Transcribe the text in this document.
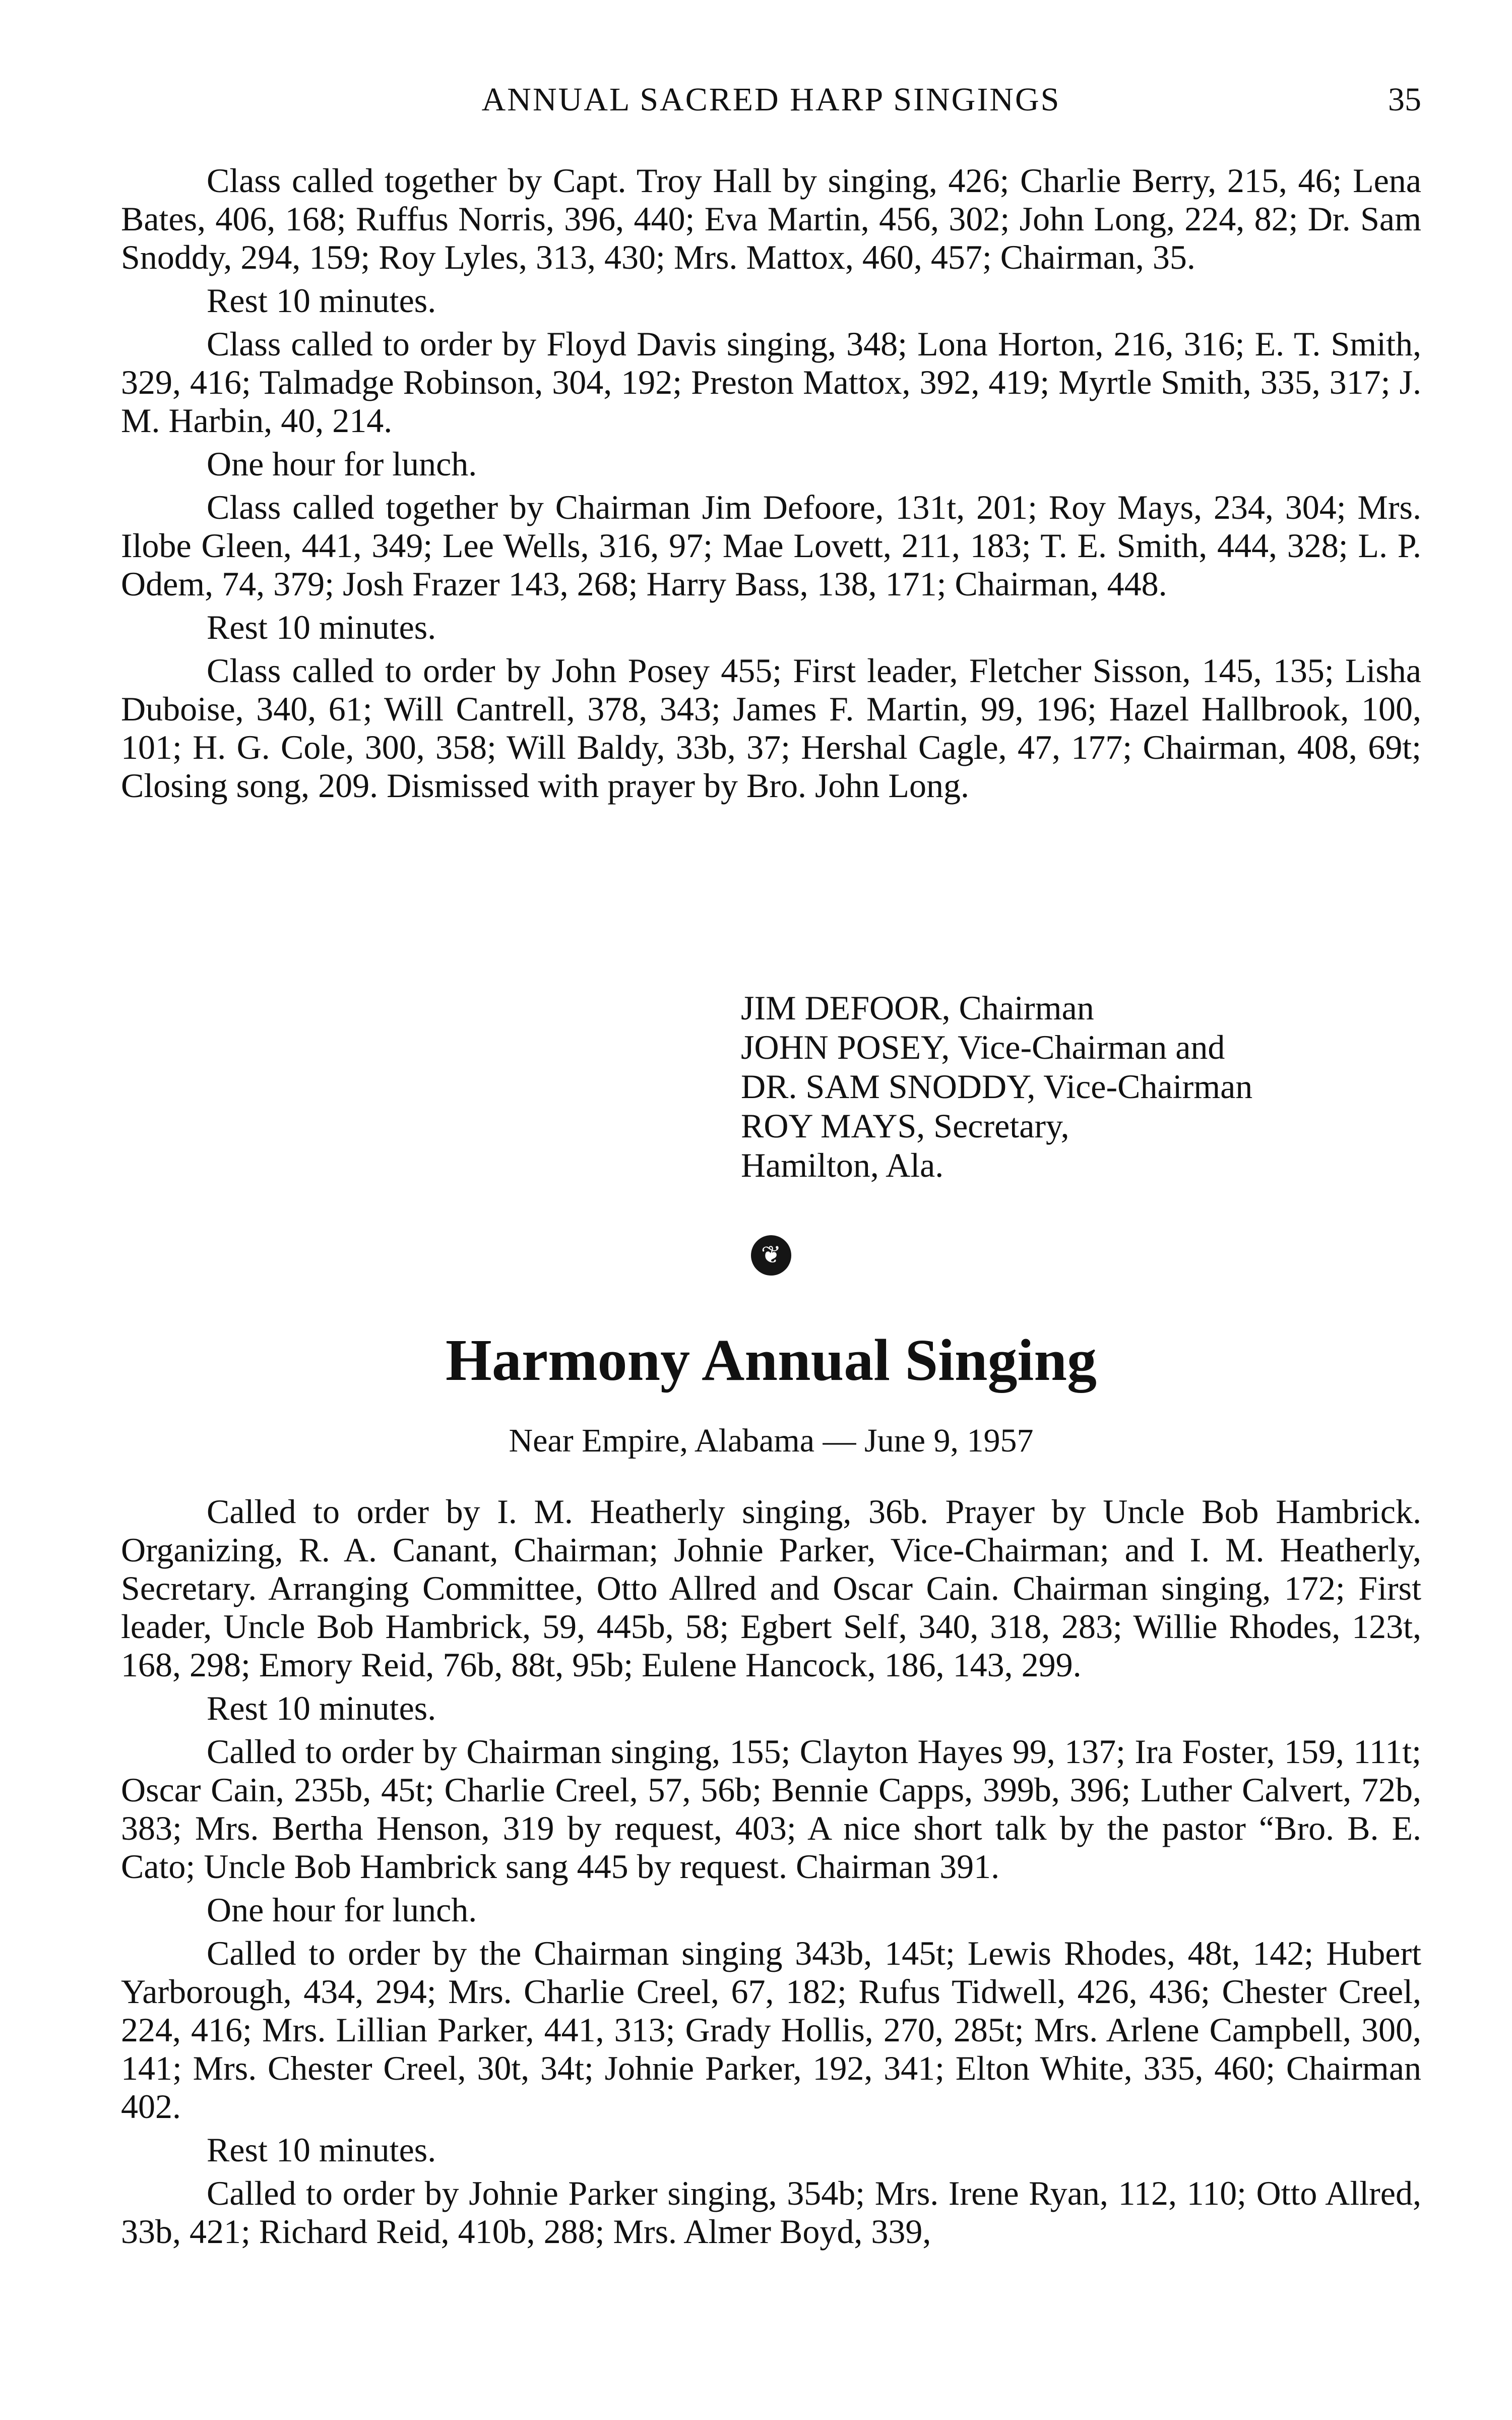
ANNUAL SACRED HARP SINGINGS	35

Class called together by Capt. Troy Hall by singing, 426; Charlie Berry, 215, 46; Lena Bates, 406, 168; Ruffus Norris, 396, 440; Eva Martin, 456, 302; John Long, 224, 82; Dr. Sam Snoddy, 294, 159; Roy Lyles, 313, 430; Mrs. Mattox, 460, 457; Chairman, 35.

Rest 10 minutes.

Class called to order by Floyd Davis singing, 348; Lona Horton, 216, 316; E. T. Smith, 329, 416; Talmadge Robinson, 304, 192; Preston Mattox, 392, 419; Myrtle Smith, 335, 317; J. M. Harbin, 40, 214.

One hour for lunch.

Class called together by Chairman Jim Defoore, 131t, 201; Roy Mays, 234, 304; Mrs. Ilobe Gleen, 441, 349; Lee Wells, 316, 97; Mae Lovett, 211, 183; T. E. Smith, 444, 328; L. P. Odem, 74, 379; Josh Frazer 143, 268; Harry Bass, 138, 171; Chairman, 448.

Rest 10 minutes.

Class called to order by John Posey 455; First leader, Fletcher Sisson, 145, 135; Lisha Duboise, 340, 61; Will Cantrell, 378, 343; James F. Martin, 99, 196; Hazel Hallbrook, 100, 101; H. G. Cole, 300, 358; Will Baldy, 33b, 37; Hershal Cagle, 47, 177; Chairman, 408, 69t; Closing song, 209. Dismissed with prayer by Bro. John Long.

JIM DEFOOR, Chairman
JOHN POSEY, Vice-Chairman and
DR. SAM SNODDY, Vice-Chairman
ROY MAYS, Secretary,
Hamilton, Ala.
❦
Harmony Annual Singing
Near Empire, Alabama — June 9, 1957

Called to order by I. M. Heatherly singing, 36b. Prayer by Uncle Bob Hambrick. Organizing, R. A. Canant, Chairman; Johnie Parker, Vice-Chairman; and I. M. Heatherly, Secretary. Arranging Committee, Otto Allred and Oscar Cain. Chairman singing, 172; First leader, Uncle Bob Hambrick, 59, 445b, 58; Egbert Self, 340, 318, 283; Willie Rhodes, 123t, 168, 298; Emory Reid, 76b, 88t, 95b; Eulene Hancock, 186, 143, 299.

Rest 10 minutes.

Called to order by Chairman singing, 155; Clayton Hayes 99, 137; Ira Foster, 159, 111t; Oscar Cain, 235b, 45t; Charlie Creel, 57, 56b; Bennie Capps, 399b, 396; Luther Calvert, 72b, 383; Mrs. Bertha Henson, 319 by request, 403; A nice short talk by the pastor “Bro. B. E. Cato; Uncle Bob Hambrick sang 445 by request. Chairman 391.

One hour for lunch.

Called to order by the Chairman singing 343b, 145t; Lewis Rhodes, 48t, 142; Hubert Yarborough, 434, 294; Mrs. Charlie Creel, 67, 182; Rufus Tidwell, 426, 436; Chester Creel, 224, 416; Mrs. Lillian Parker, 441, 313; Grady Hollis, 270, 285t; Mrs. Arlene Campbell, 300, 141; Mrs. Chester Creel, 30t, 34t; Johnie Parker, 192, 341; Elton White, 335, 460; Chairman 402.

Rest 10 minutes.

Called to order by Johnie Parker singing, 354b; Mrs. Irene Ryan, 112, 110; Otto Allred, 33b, 421; Richard Reid, 410b, 288; Mrs. Almer Boyd, 339,
